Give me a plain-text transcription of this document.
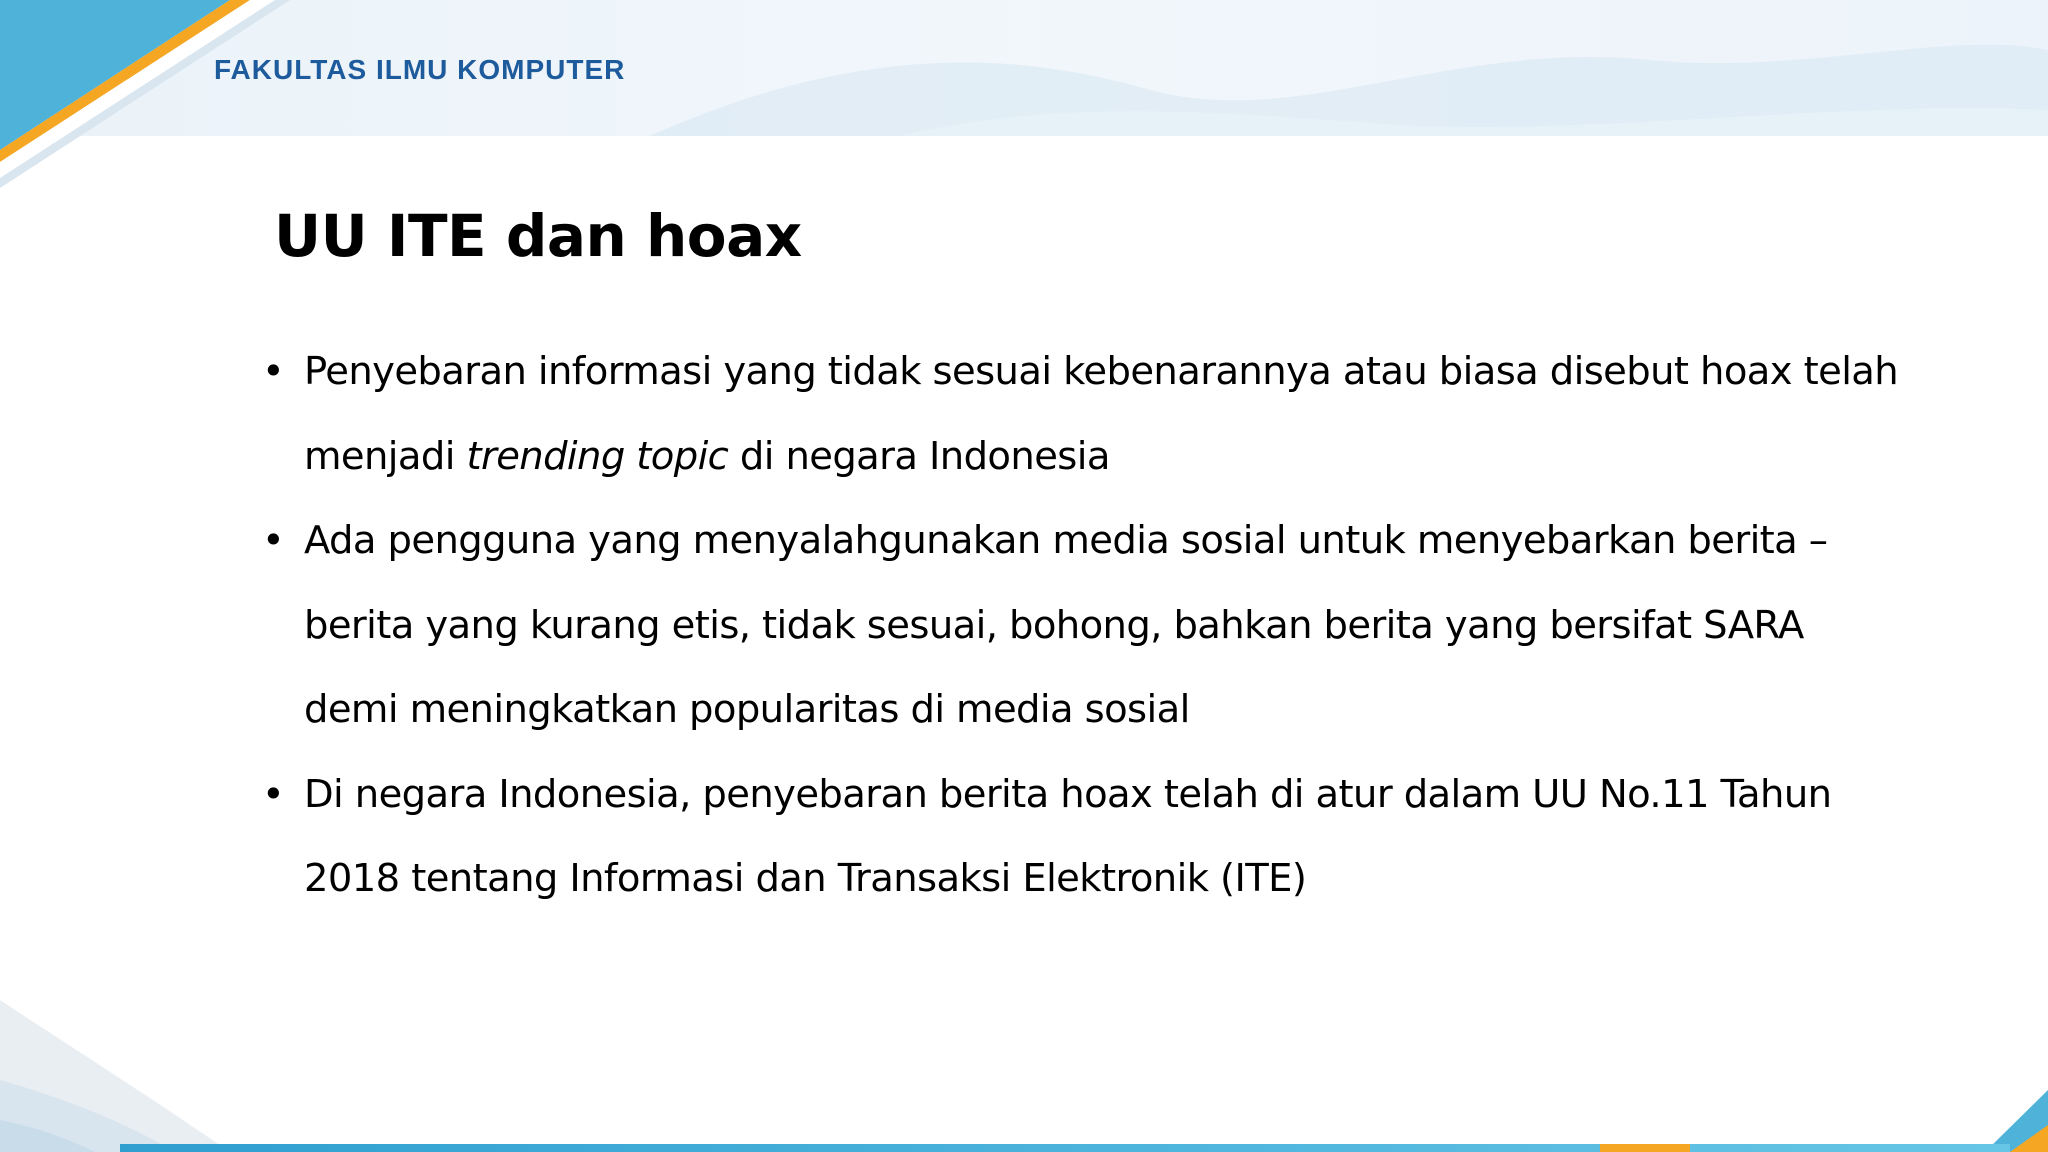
FAKULTAS ILMU KOMPUTER
UU ITE dan hoax

• Penyebaran informasi yang tidak sesuai kebenarannya atau biasa disebut hoax telah menjadi trending topic di negara Indonesia

• Ada pengguna yang menyalahgunakan media sosial untuk menyebarkan berita – berita yang kurang etis, tidak sesuai, bohong, bahkan berita yang bersifat SARA demi meningkatkan popularitas di media sosial

• Di negara Indonesia, penyebaran berita hoax telah di atur dalam UU No.11 Tahun 2018 tentang Informasi dan Transaksi Elektronik (ITE)
